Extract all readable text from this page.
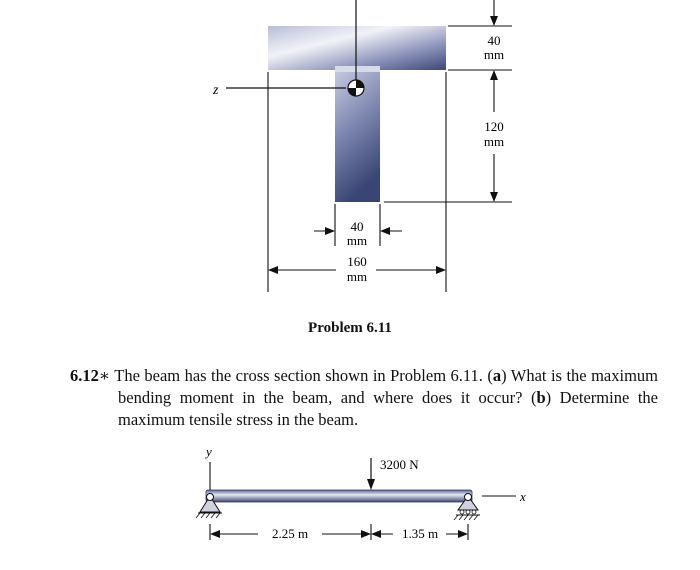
z
40
mm
120
mm
40
mm
160
mm
y
x
3200 N
2.25 m	1.35 m
Problem 6.11
6.12∗ The beam has the cross section shown in Problem 6.11. (a) What is the maximum bending moment in the beam, and where does it occur? (b) Determine the maximum tensile stress in the beam.
